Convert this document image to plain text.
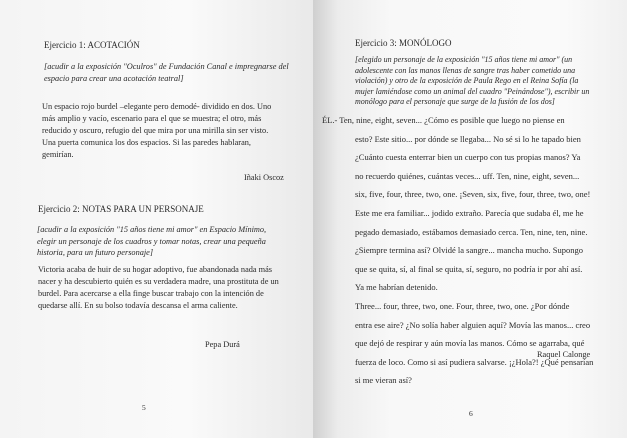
Ejercicio 1: ACOTACIÓN
[acudir a la exposición "Oculros" de Fundación Canal e impregnarse del espacio para crear una acotación teatral]
Un espacio rojo burdel –elegante pero demodé- dividido en dos. Uno más amplio y vacío, escenario para el que se muestra; el otro, más reducido y oscuro, refugio del que mira por una mirilla sin ser visto. Una puerta comunica los dos espacios. Si las paredes hablaran, gemirían.
Iñaki Oscoz
Ejercicio 2: NOTAS PARA UN PERSONAJE
[acudir a la exposición "15 años tiene mi amor" en Espacio Mínimo, elegir un personaje de los cuadros y tomar notas, crear una pequeña historia, para un futuro personaje]
Victoria acaba de huir de su hogar adoptivo, fue abandonada nada más nacer y ha descubierto quién es su verdadera madre, una prostituta de un burdel. Para acercarse a ella finge buscar trabajo con la intención de quedarse allí. En su bolso todavía descansa el arma caliente.
Pepa Durá
5
Ejercicio 3: MONÓLOGO
[elegido un personaje de la exposición "15 años tiene mi amor" (un adolescente con las manos llenas de sangre tras haber cometido una violación) y otro de la exposición de Paula Rego en el Reina Sofía (la mujer lamiéndose como un animal del cuadro "Peinándose"), escribir un monólogo para el personaje que surge de la fusión de los dos]
ÉL.- Ten, nine, eight, seven... ¿Cómo es posible que luego no piense en
esto? Este sitio... por dónde se llegaba... No sé si lo he tapado bien
¿Cuánto cuesta enterrar bien un cuerpo con tus propias manos? Ya
no recuerdo quiénes, cuántas veces... uff. Ten, nine, eight, seven...
six, five, four, three, two, one. ¡Seven, six, five, four, three, two, one!
Este me era familiar... jodido extraño. Parecía que sudaba él, me he
pegado demasiado, estábamos demasiado cerca. Ten, nine, ten, nine.
¿Siempre termina así? Olvidé la sangre... mancha mucho. Supongo
que se quita, sí, al final se quita, sí, seguro, no podría ir por ahí así.
Ya me habrían detenido.
Three... four, three, two, one. Four, three, two, one. ¿Por dónde
entra ese aire? ¿No solía haber alguien aquí? Movía las manos... creo
que dejó de respirar y aún movía las manos. Cómo se agarraba, qué
fuerza de loco. Como si así pudiera salvarse. ¡¿Hola?! ¿Qué pensarían
si me vieran así?
Raquel Calonge
6
